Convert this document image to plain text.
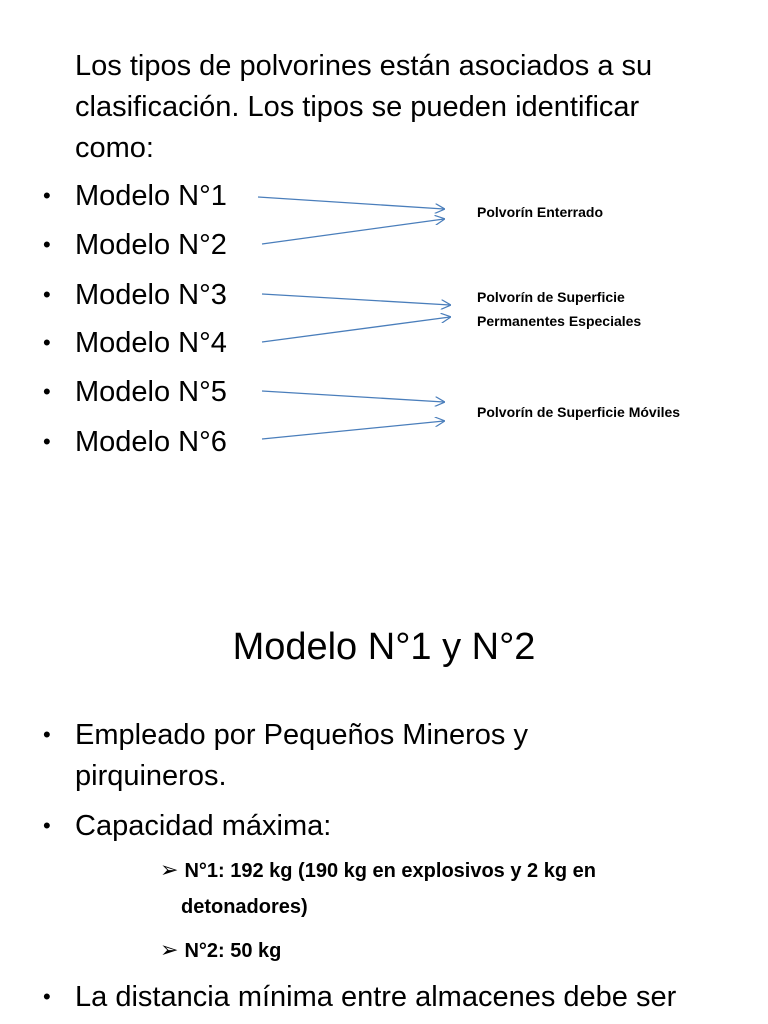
Los tipos de polvorines están asociados a su clasificación. Los tipos se pueden identificar como:
• Modelo N°1
• Modelo N°2
• Modelo N°3
• Modelo N°4
• Modelo N°5
• Modelo N°6
Polvorín Enterrado
Polvorín de Superficie
Permanentes Especiales
Polvorín de Superficie Móviles
Modelo N°1 y N°2
• Empleado por Pequeños Mineros y
pirquineros.
• Capacidad máxima:
➢ N°1: 192 kg (190 kg en explosivos y 2 kg en
detonadores)
➢ N°2: 50 kg
• La distancia mínima entre almacenes debe ser
